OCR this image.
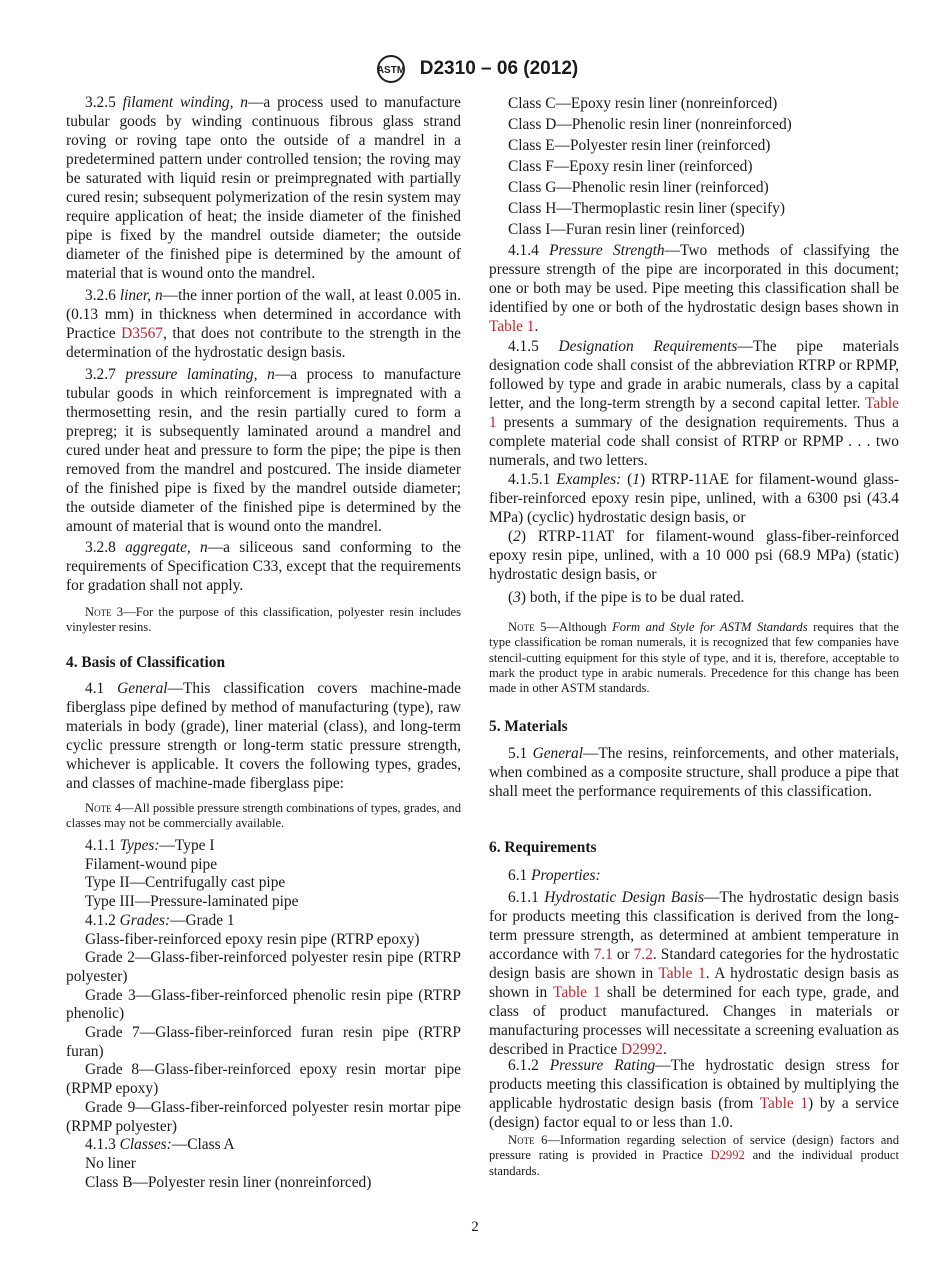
ASTM D2310 – 06 (2012)
3.2.5 filament winding, n—a process used to manufacture tubular goods by winding continuous fibrous glass strand roving or roving tape onto the outside of a mandrel in a predetermined pattern under controlled tension; the roving may be saturated with liquid resin or preimpregnated with partially cured resin; subsequent polymerization of the resin system may require application of heat; the inside diameter of the finished pipe is fixed by the mandrel outside diameter; the outside diameter of the finished pipe is determined by the amount of material that is wound onto the mandrel.
3.2.6 liner, n—the inner portion of the wall, at least 0.005 in. (0.13 mm) in thickness when determined in accordance with Practice D3567, that does not contribute to the strength in the determination of the hydrostatic design basis.
3.2.7 pressure laminating, n—a process to manufacture tubular goods in which reinforcement is impregnated with a thermosetting resin, and the resin partially cured to form a prepreg; it is subsequently laminated around a mandrel and cured under heat and pressure to form the pipe; the pipe is then removed from the mandrel and postcured. The inside diameter of the finished pipe is fixed by the mandrel outside diameter; the outside diameter of the finished pipe is determined by the amount of material that is wound onto the mandrel.
3.2.8 aggregate, n—a siliceous sand conforming to the requirements of Specification C33, except that the requirements for gradation shall not apply.
Note 3—For the purpose of this classification, polyester resin includes vinylester resins.
4. Basis of Classification
4.1 General—This classification covers machine-made fiberglass pipe defined by method of manufacturing (type), raw materials in body (grade), liner material (class), and long-term cyclic pressure strength or long-term static pressure strength, whichever is applicable. It covers the following types, grades, and classes of machine-made fiberglass pipe:
Note 4—All possible pressure strength combinations of types, grades, and classes may not be commercially available.
4.1.1 Types:—Type I
Filament-wound pipe
Type II—Centrifugally cast pipe
Type III—Pressure-laminated pipe
4.1.2 Grades:—Grade 1
Glass-fiber-reinforced epoxy resin pipe (RTRP epoxy)
Grade 2—Glass-fiber-reinforced polyester resin pipe (RTRP polyester)
Grade 3—Glass-fiber-reinforced phenolic resin pipe (RTRP phenolic)
Grade 7—Glass-fiber-reinforced furan resin pipe (RTRP furan)
Grade 8—Glass-fiber-reinforced epoxy resin mortar pipe (RPMP epoxy)
Grade 9—Glass-fiber-reinforced polyester resin mortar pipe (RPMP polyester)
4.1.3 Classes:—Class A
No liner
Class B—Polyester resin liner (nonreinforced)
Class C—Epoxy resin liner (nonreinforced)
Class D—Phenolic resin liner (nonreinforced)
Class E—Polyester resin liner (reinforced)
Class F—Epoxy resin liner (reinforced)
Class G—Phenolic resin liner (reinforced)
Class H—Thermoplastic resin liner (specify)
Class I—Furan resin liner (reinforced)
4.1.4 Pressure Strength—Two methods of classifying the pressure strength of the pipe are incorporated in this document; one or both may be used. Pipe meeting this classification shall be identified by one or both of the hydrostatic design bases shown in Table 1.
4.1.5 Designation Requirements—The pipe materials designation code shall consist of the abbreviation RTRP or RPMP, followed by type and grade in arabic numerals, class by a capital letter, and the long-term strength by a second capital letter. Table 1 presents a summary of the designation requirements. Thus a complete material code shall consist of RTRP or RPMP . . . two numerals, and two letters.
4.1.5.1 Examples: (1) RTRP-11AE for filament-wound glass-fiber-reinforced epoxy resin pipe, unlined, with a 6300 psi (43.4 MPa) (cyclic) hydrostatic design basis, or
(2) RTRP-11AT for filament-wound glass-fiber-reinforced epoxy resin pipe, unlined, with a 10 000 psi (68.9 MPa) (static) hydrostatic design basis, or
(3) both, if the pipe is to be dual rated.
Note 5—Although Form and Style for ASTM Standards requires that the type classification be roman numerals, it is recognized that few companies have stencil-cutting equipment for this style of type, and it is, therefore, acceptable to mark the product type in arabic numerals. Precedence for this change has been made in other ASTM standards.
5. Materials
5.1 General—The resins, reinforcements, and other materials, when combined as a composite structure, shall produce a pipe that shall meet the performance requirements of this classification.
6. Requirements
6.1 Properties:
6.1.1 Hydrostatic Design Basis—The hydrostatic design basis for products meeting this classification is derived from the long-term pressure strength, as determined at ambient temperature in accordance with 7.1 or 7.2. Standard categories for the hydrostatic design basis are shown in Table 1. A hydrostatic design basis as shown in Table 1 shall be determined for each type, grade, and class of product manufactured. Changes in materials or manufacturing processes will necessitate a screening evaluation as described in Practice D2992.
6.1.2 Pressure Rating—The hydrostatic design stress for products meeting this classification is obtained by multiplying the applicable hydrostatic design basis (from Table 1) by a service (design) factor equal to or less than 1.0.
Note 6—Information regarding selection of service (design) factors and pressure rating is provided in Practice D2992 and the individual product standards.
2
